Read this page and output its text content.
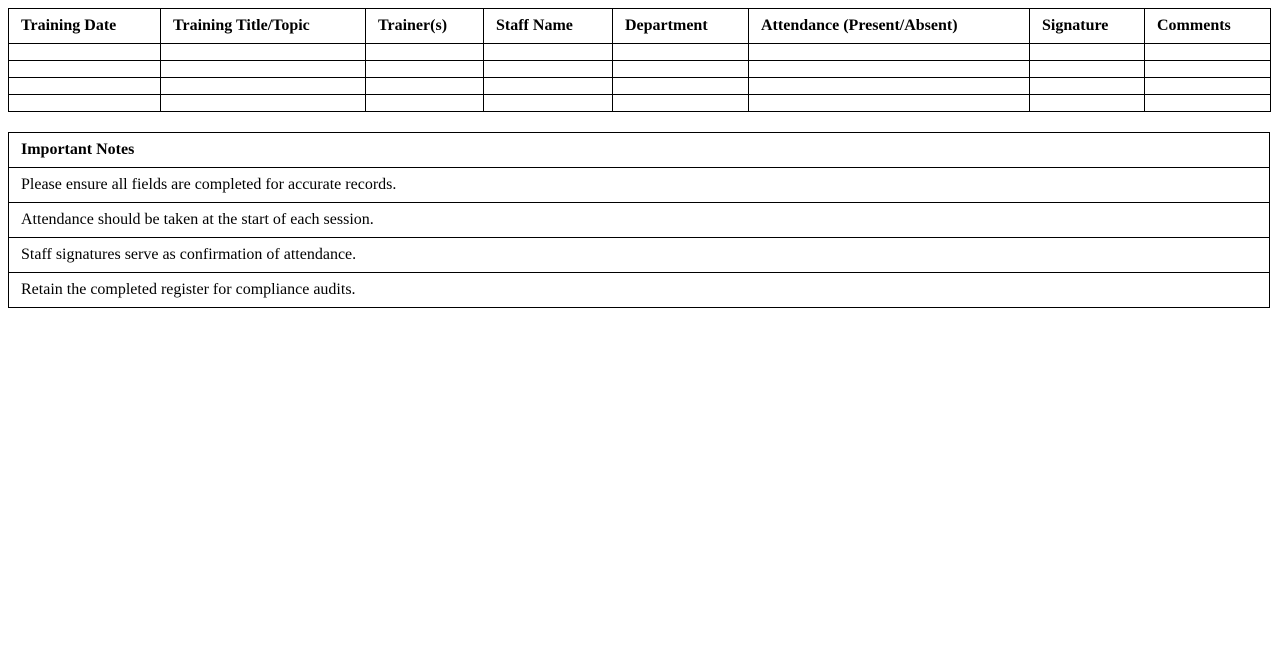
Training Date	Training Title/Topic	Trainer(s)	Staff Name	Department	Attendance (Present/Absent)	Signature	Comments

Important Notes
Please ensure all fields are completed for accurate records.
Attendance should be taken at the start of each session.
Staff signatures serve as confirmation of attendance.
Retain the completed register for compliance audits.
